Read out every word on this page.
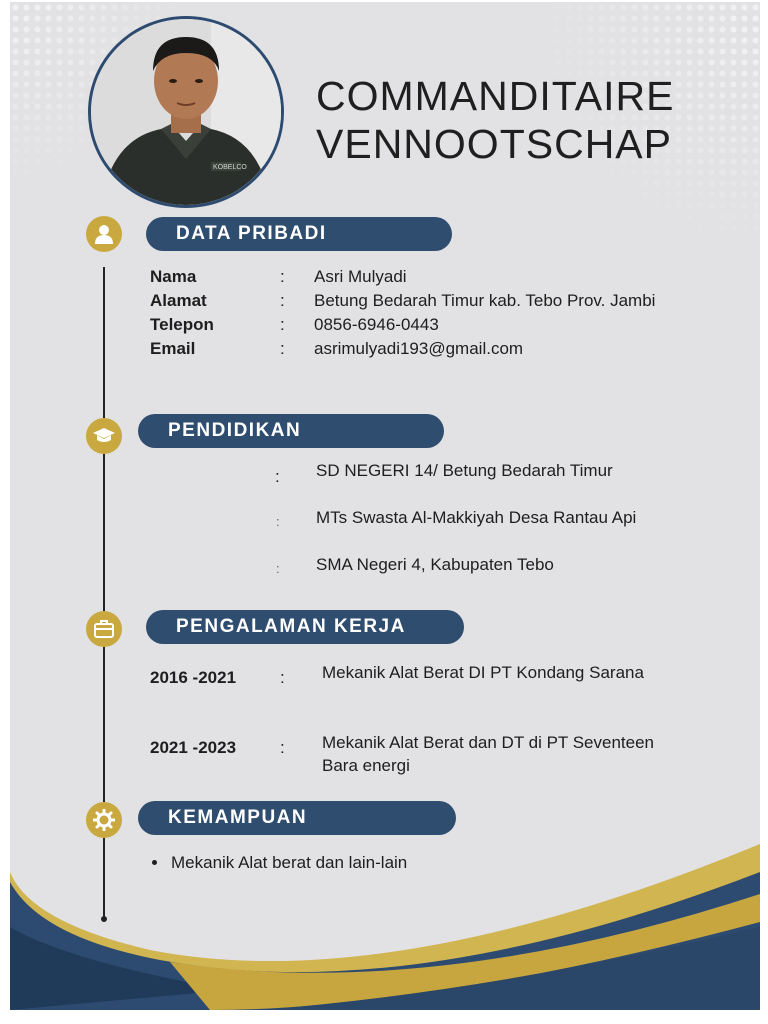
KOBELCO
COMMANDITAIRE
VENNOOTSCHAP
DATA PRIBADI
Nama	: Asri Mulyadi
Alamat	: Betung Bedarah Timur kab. Tebo Prov. Jambi
Telepon	: 0856-6946-0443
Email	: asrimulyadi193@gmail.com
PENDIDIKAN
: SD NEGERI 14/ Betung Bedarah Timur
: MTs Swasta Al-Makkiyah Desa Rantau Api
: SMA Negeri 4, Kabupaten Tebo
PENGALAMAN KERJA
2016 -2021	: Mekanik Alat Berat DI PT Kondang Sarana
2021 -2023	: Mekanik Alat Berat dan DT di PT Seventeen
Bara energi
KEMAMPUAN
Mekanik Alat berat dan lain-lain
